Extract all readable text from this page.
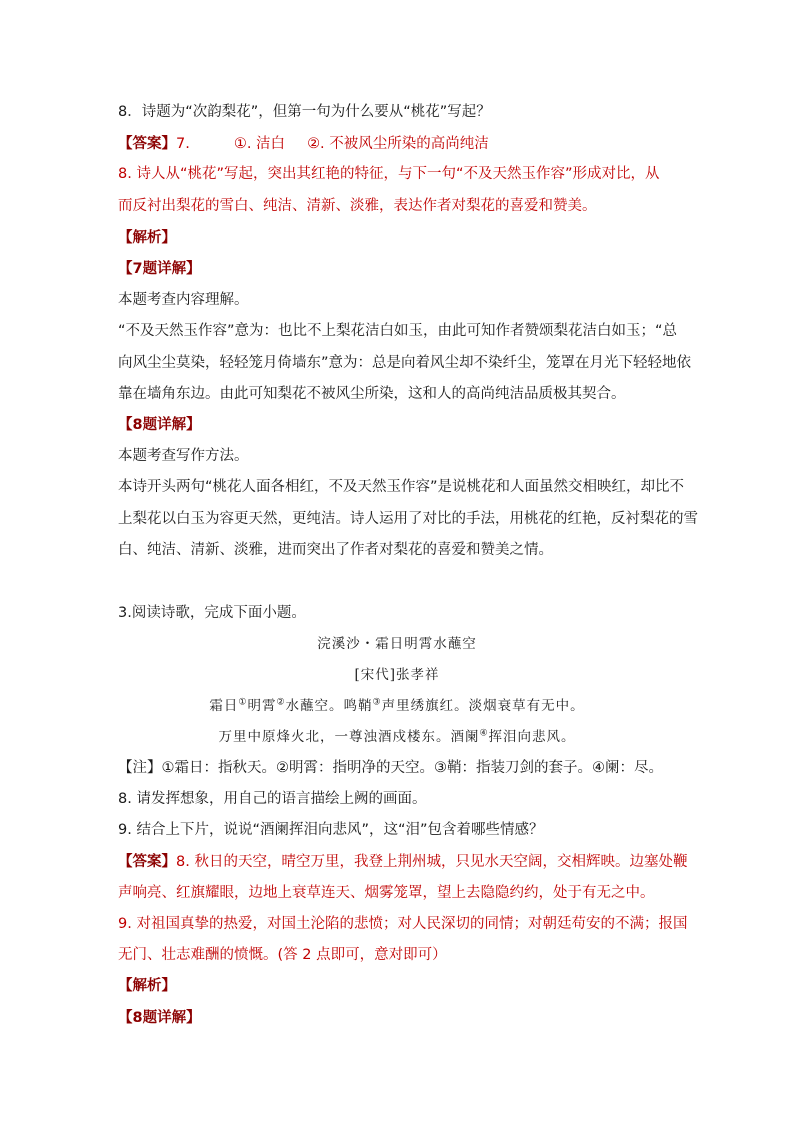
8．诗题为“次韵梨花”，但第一句为什么要从“桃花”写起？
【答案】7.	①. 洁白 ②. 不被风尘所染的高尚纯洁
8. 诗人从“桃花”写起，突出其红艳的特征，与下一句“不及天然玉作容”形成对比，从
而反衬出梨花的雪白、纯洁、清新、淡雅，表达作者对梨花的喜爱和赞美。
【解析】
【7题详解】
本题考查内容理解。
“不及天然玉作容”意为：也比不上梨花洁白如玉，由此可知作者赞颂梨花洁白如玉；“总
向风尘尘莫染，轻轻笼月倚墙东”意为：总是向着风尘却不染纤尘，笼罩在月光下轻轻地依
靠在墙角东边。由此可知梨花不被风尘所染，这和人的高尚纯洁品质极其契合。
【8题详解】
本题考查写作方法。
本诗开头两句“桃花人面各相红，不及天然玉作容”是说桃花和人面虽然交相映红，却比不
上梨花以白玉为容更天然，更纯洁。诗人运用了对比的手法，用桃花的红艳，反衬梨花的雪
白、纯洁、清新、淡雅，进而突出了作者对梨花的喜爱和赞美之情。
3.阅读诗歌，完成下面小题。
浣溪沙・霜日明霄水蘸空
[宋代]张孝祥
霜日①明霄②水蘸空。鸣鞘③声里绣旗红。淡烟衰草有无中。
万里中原烽火北，一尊浊酒戍楼东。酒阑④挥泪向悲风。
【注】①霜日：指秋天。②明霄：指明净的天空。③鞘：指装刀剑的套子。④阑：尽。
8. 请发挥想象，用自己的语言描绘上阙的画面。
9. 结合上下片，说说“酒阑挥泪向悲风”，这“泪”包含着哪些情感？
【答案】8. 秋日的天空，晴空万里，我登上荆州城，只见水天空阔，交相辉映。边塞处鞭
声响亮、红旗耀眼，边地上衰草连天、烟雾笼罩，望上去隐隐约约，处于有无之中。
9. 对祖国真挚的热爱，对国土沦陷的悲愤；对人民深切的同情；对朝廷苟安的不满；报国
无门、壮志难酬的愤慨。(答 2 点即可，意对即可）
【解析】
【8题详解】
